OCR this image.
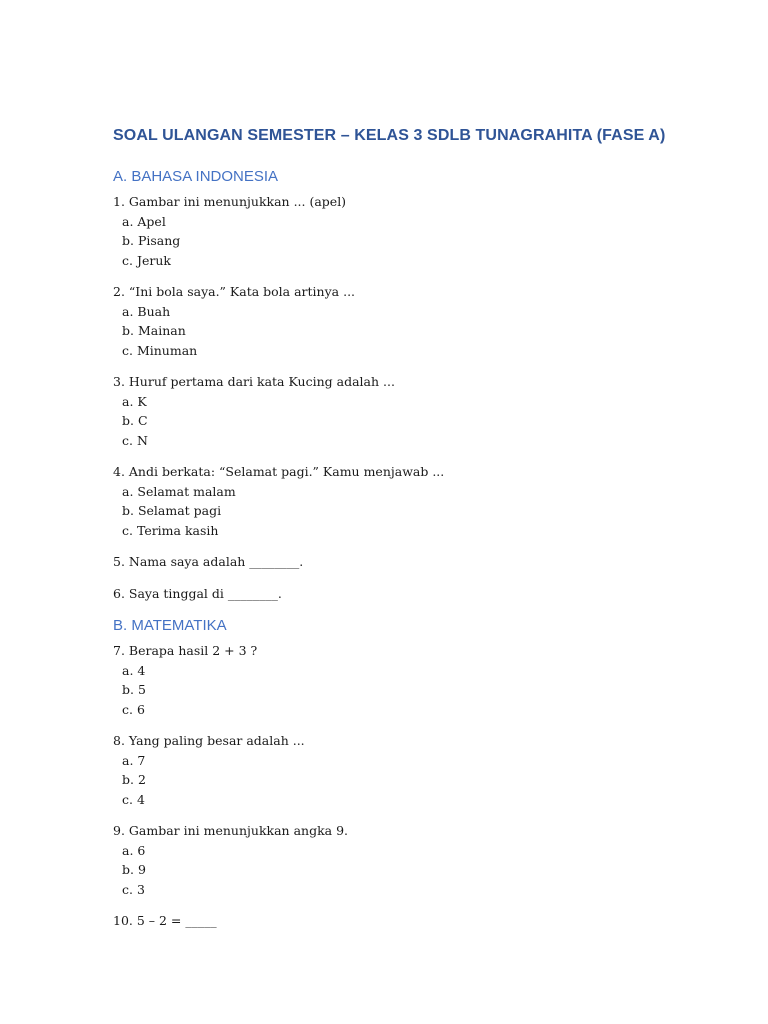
SOAL ULANGAN SEMESTER – KELAS 3 SDLB TUNAGRAHITA (FASE A)
A. BAHASA INDONESIA
1. Gambar ini menunjukkan ... (apel)
a. Apel
b. Pisang
c. Jeruk
2. “Ini bola saya.” Kata bola artinya ...
a. Buah
b. Mainan
c. Minuman
3. Huruf pertama dari kata Kucing adalah ...
a. K
b. C
c. N
4. Andi berkata: “Selamat pagi.” Kamu menjawab ...
a. Selamat malam
b. Selamat pagi
c. Terima kasih
5. Nama saya adalah ________.
6. Saya tinggal di ________.
B. MATEMATIKA
7. Berapa hasil 2 + 3 ?
a. 4
b. 5
c. 6
8. Yang paling besar adalah ...
a. 7
b. 2
c. 4
9. Gambar ini menunjukkan angka 9.
a. 6
b. 9
c. 3
10. 5 – 2 = _____
